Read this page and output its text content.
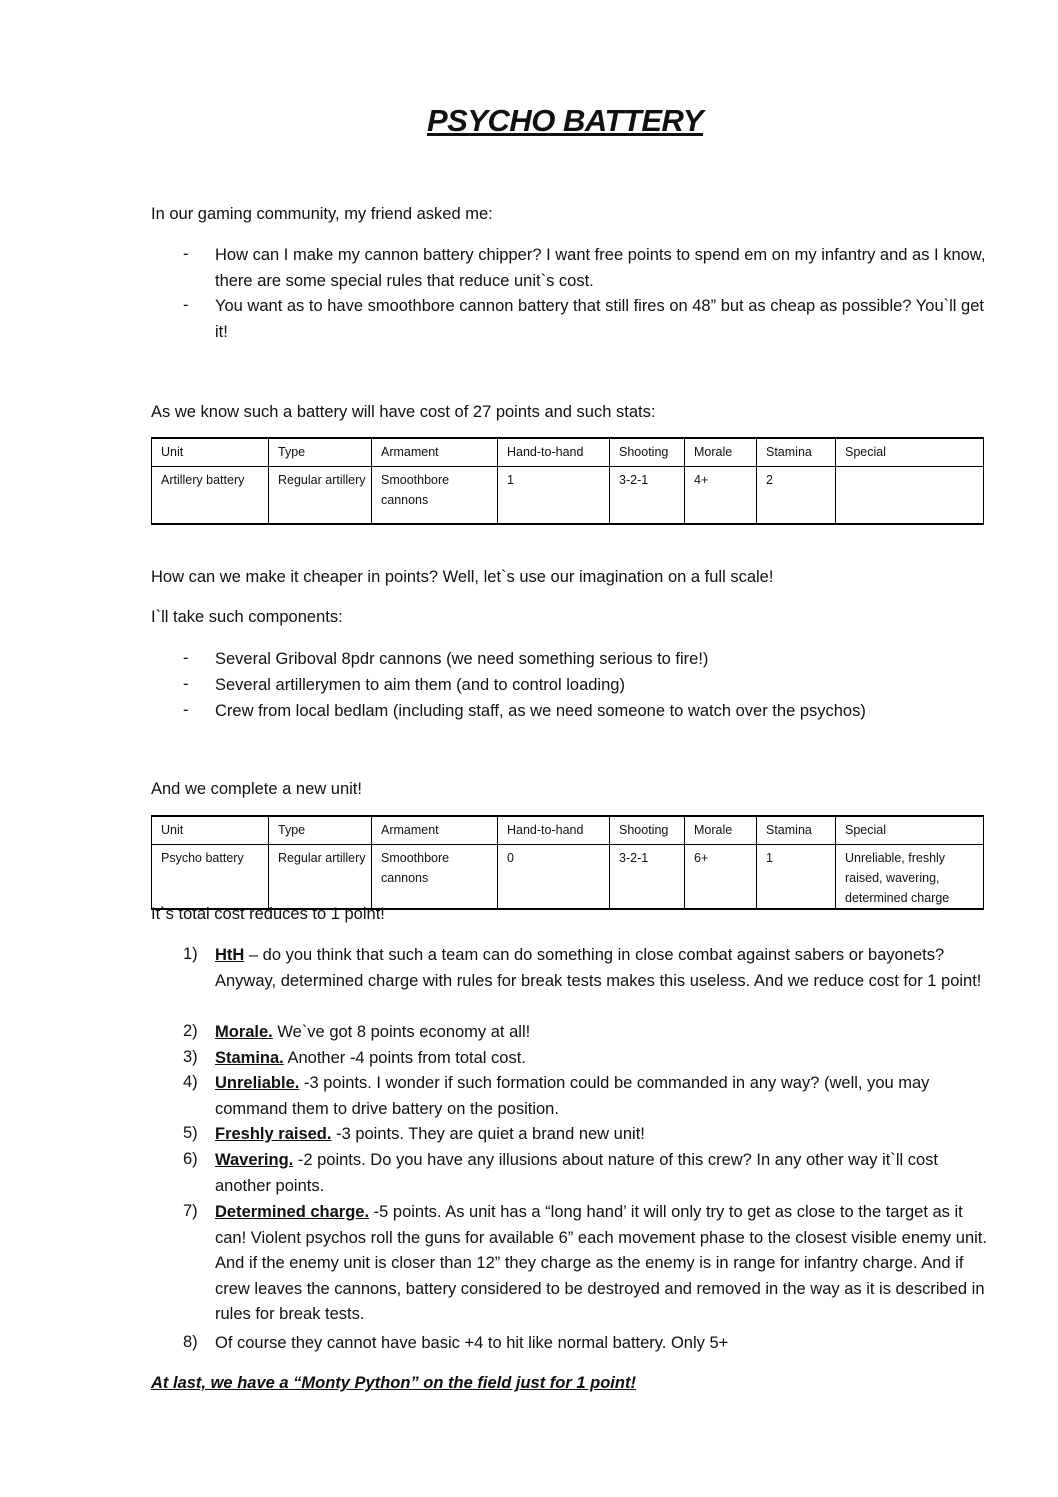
PSYCHO BATTERY
In our gaming community, my friend asked me:
- How can I make my cannon battery chipper? I want free points to spend em on my infantry and as I know, there are some special rules that reduce unit`s cost.
- You want as to have smoothbore cannon battery that still fires on 48” but as cheap as possible? You`ll get it!
As we know such a battery will have cost of 27 points and such stats:
Unit	Type	Armament	Hand-to-hand	Shooting	Morale	Stamina	Special
Artillery battery	Regular artillery	Smoothbore cannons	1	3-2-1	4+	2	
How can we make it cheaper in points? Well, let`s use our imagination on a full scale!
I`ll take such components:
- Several Griboval 8pdr cannons (we need something serious to fire!)
- Several artillerymen to aim them (and to control loading)
- Crew from local bedlam (including staff, as we need someone to watch over the psychos)
And we complete a new unit!
Unit	Type	Armament	Hand-to-hand	Shooting	Morale	Stamina	Special
Psycho battery	Regular artillery	Smoothbore cannons	0	3-2-1	6+	1	Unreliable, freshly raised, wavering, determined charge
It`s total cost reduces to 1 point!
1) HtH – do you think that such a team can do something in close combat against sabers or bayonets? Anyway, determined charge with rules for break tests makes this useless. And we reduce cost for 1 point!
2) Morale. We`ve got 8 points economy at all!
3) Stamina. Another -4 points from total cost.
4) Unreliable. -3 points. I wonder if such formation could be commanded in any way? (well, you may command them to drive battery on the position.
5) Freshly raised. -3 points. They are quiet a brand new unit!
6) Wavering. -2 points. Do you have any illusions about nature of this crew? In any other way it`ll cost another points.
7) Determined charge. -5 points. As unit has a “long hand’ it will only try to get as close to the target as it can! Violent psychos roll the guns for available 6” each movement phase to the closest visible enemy unit. And if the enemy unit is closer than 12” they charge as the enemy is in range for infantry charge. And if crew leaves the cannons, battery considered to be destroyed and removed in the way as it is described in rules for break tests.
8) Of course they cannot have basic +4 to hit like normal battery. Only 5+
At last, we have a “Monty Python” on the field just for 1 point!
